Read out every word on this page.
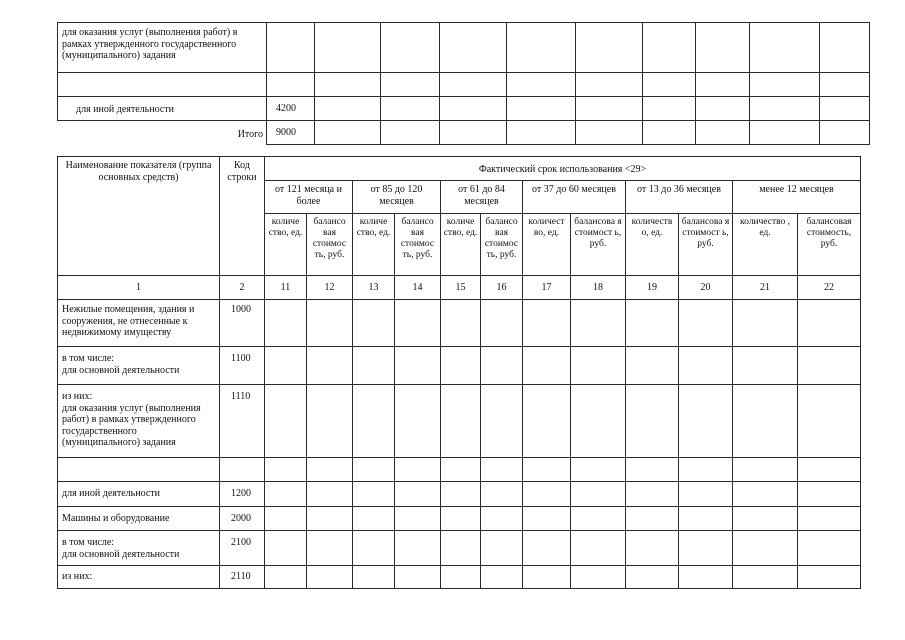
для оказания услуг (выполнения работ) в рамках утвержденного государственного (муниципального) задания										

для иной деятельности	4200									
Итого	9000									
Наименование показателя (группа основных средств)	Код строки	Фактический срок использования <29>											
		от 121 месяца и более		от 85 до 120 месяцев		от 61 до 84 месяцев		от 37 до 60 месяцев		от 13 до 36 месяцев		менее 12 месяцев	
		количе ство, ед.	балансо вая стоимос ть, руб.	количе ство, ед.	балансо вая стоимос ть, руб.	количе ство, ед.	балансо вая стоимос ть, руб.	количест во, ед.	балансова я стоимост ь, руб.	количеств о, ед.	балансова я стоимост ь, руб.	количество , ед.	балансовая стоимость, руб.
1	2	11	12	13	14	15	16	17	18	19	20	21	22
Нежилые помещения, здания и сооружения, не отнесенные к недвижимому имуществу	1000												
в том числе:
для основной деятельности	1100												
из них:
для оказания услуг (выполнения работ) в рамках утвержденного государственного (муниципального) задания	1110												

для иной деятельности	1200												
Машины и оборудование	2000												
в том числе:
для основной деятельности	2100												
из них:	2110												
